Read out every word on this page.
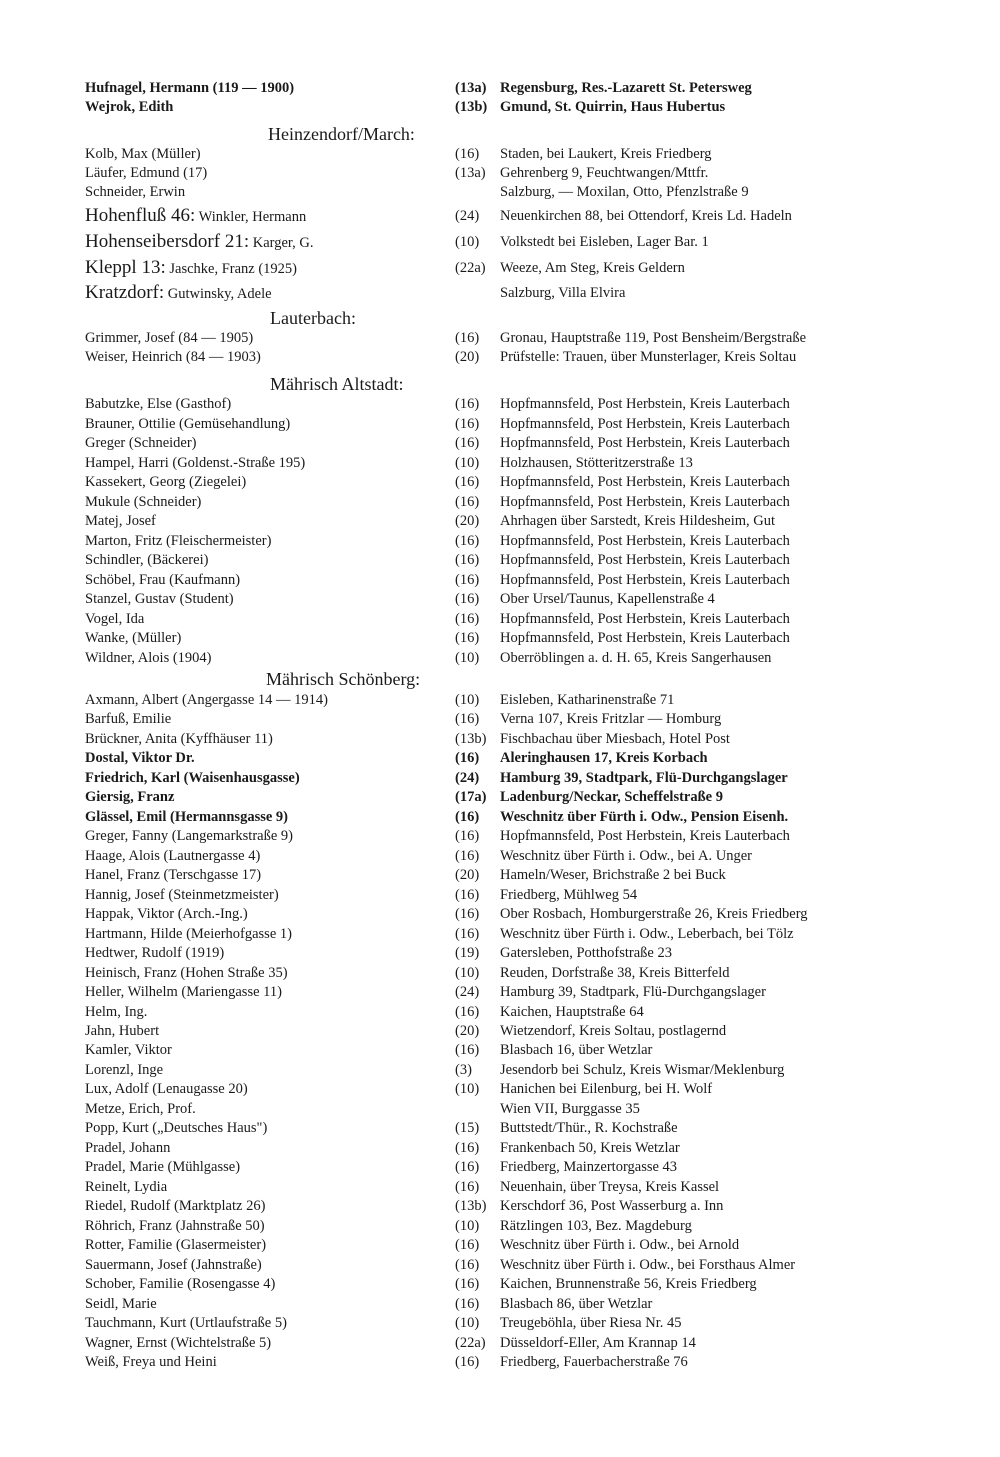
Hufnagel, Hermann (119 — 1900)	(13a) Regensburg, Res.-Lazarett St. Petersweg
Wejrok, Edith	(13b) Gmund, St. Quirrin, Haus Hubertus
Heinzendorf/March:
Kolb, Max (Müller)	(16)	Staden, bei Laukert, Kreis Friedberg
Läufer, Edmund (17)	(13a) Gehrenberg 9, Feuchtwangen/Mttfr.
Schneider, Erwin	Salzburg, — Moxilan, Otto, Pfenzlstraße 9
Hohenfluß 46: Winkler, Hermann	(24)	Neuenkirchen 88, bei Ottendorf, Kreis Ld. Hadeln
Hohenseibersdorf 21: Karger, G.	(10)	Volkstedt bei Eisleben, Lager Bar. 1
Kleppl 13: Jaschke, Franz (1925)	(22a) Weeze, Am Steg, Kreis Geldern
Kratzdorf: Gutwinsky, Adele	Salzburg, Villa Elvira
Lauterbach:
Grimmer, Josef (84 — 1905)	(16)	Gronau, Hauptstraße 119, Post Bensheim/Bergstraße
Weiser, Heinrich (84 — 1903)	(20)	Prüfstelle: Trauen, über Munsterlager, Kreis Soltau
Mährisch Altstadt:
Babutzke, Else (Gasthof)	(16)	Hopfmannsfeld, Post Herbstein, Kreis Lauterbach
Brauner, Ottilie (Gemüsehandlung)	(16)	Hopfmannsfeld, Post Herbstein, Kreis Lauterbach
Greger (Schneider)	(16)	Hopfmannsfeld, Post Herbstein, Kreis Lauterbach
Hampel, Harri (Goldenst.-Straße 195)	(10)	Holzhausen, Stötteritzerstraße 13
Kassekert, Georg (Ziegelei)	(16)	Hopfmannsfeld, Post Herbstein, Kreis Lauterbach
Mukule (Schneider)	(16)	Hopfmannsfeld, Post Herbstein, Kreis Lauterbach
Matej, Josef	(20)	Ahrhagen über Sarstedt, Kreis Hildesheim, Gut
Marton, Fritz (Fleischermeister)	(16)	Hopfmannsfeld, Post Herbstein, Kreis Lauterbach
Schindler, (Bäckerei)	(16)	Hopfmannsfeld, Post Herbstein, Kreis Lauterbach
Schöbel, Frau (Kaufmann)	(16)	Hopfmannsfeld, Post Herbstein, Kreis Lauterbach
Stanzel, Gustav (Student)	(16)	Ober Ursel/Taunus, Kapellenstraße 4
Vogel, Ida	(16)	Hopfmannsfeld, Post Herbstein, Kreis Lauterbach
Wanke, (Müller)	(16)	Hopfmannsfeld, Post Herbstein, Kreis Lauterbach
Wildner, Alois (1904)	(10)	Oberröblingen a. d. H. 65, Kreis Sangerhausen
Mährisch Schönberg:
Axmann, Albert (Angergasse 14 — 1914)	(10)	Eisleben, Katharinenstraße 71
Barfuß, Emilie	(16)	Verna 107, Kreis Fritzlar — Homburg
Brückner, Anita (Kyffhäuser 11)	(13b) Fischbachau über Miesbach, Hotel Post
Dostal, Viktor Dr.	(16)	Aleringhausen 17, Kreis Korbach
Friedrich, Karl (Waisenhausgasse)	(24)	Hamburg 39, Stadtpark, Flü-Durchgangslager
Giersig, Franz	(17a) Ladenburg/Neckar, Scheffelstraße 9
Glässel, Emil (Hermannsgasse 9)	(16)	Weschnitz über Fürth i. Odw., Pension Eisenh.
Greger, Fanny (Langemarkstraße 9)	(16)	Hopfmannsfeld, Post Herbstein, Kreis Lauterbach
Haage, Alois (Lautnergasse 4)	(16)	Weschnitz über Fürth i. Odw., bei A. Unger
Hanel, Franz (Terschgasse 17)	(20)	Hameln/Weser, Brichstraße 2 bei Buck
Hannig, Josef (Steinmetzmeister)	(16)	Friedberg, Mühlweg 54
Happak, Viktor (Arch.-Ing.)	(16)	Ober Rosbach, Homburgerstraße 26, Kreis Friedberg
Hartmann, Hilde (Meierhofgasse 1)	(16)	Weschnitz über Fürth i. Odw., Leberbach, bei Tölz
Hedtwer, Rudolf (1919)	(19)	Gatersleben, Potthofstraße 23
Heinisch, Franz (Hohen Straße 35)	(10)	Reuden, Dorfstraße 38, Kreis Bitterfeld
Heller, Wilhelm (Mariengasse 11)	(24)	Hamburg 39, Stadtpark, Flü-Durchgangslager
Helm, Ing.	(16)	Kaichen, Hauptstraße 64
Jahn, Hubert	(20)	Wietzendorf, Kreis Soltau, postlagernd
Kamler, Viktor	(16)	Blasbach 16, über Wetzlar
Lorenzl, Inge	(3)	Jesendorb bei Schulz, Kreis Wismar/Meklenburg
Lux, Adolf (Lenaugasse 20)	(10)	Hanichen bei Eilenburg, bei H. Wolf
Metze, Erich, Prof.	Wien VII, Burggasse 35
Popp, Kurt („Deutsches Haus")	(15)	Buttstedt/Thür., R. Kochstraße
Pradel, Johann	(16)	Frankenbach 50, Kreis Wetzlar
Pradel, Marie (Mühlgasse)	(16)	Friedberg, Mainzertorgasse 43
Reinelt, Lydia	(16)	Neuenhain, über Treysa, Kreis Kassel
Riedel, Rudolf (Marktplatz 26)	(13b) Kerschdorf 36, Post Wasserburg a. Inn
Röhrich, Franz (Jahnstraße 50)	(10)	Rätzlingen 103, Bez. Magdeburg
Rotter, Familie (Glasermeister)	(16)	Weschnitz über Fürth i. Odw., bei Arnold
Sauermann, Josef (Jahnstraße)	(16)	Weschnitz über Fürth i. Odw., bei Forsthaus Almer
Schober, Familie (Rosengasse 4)	(16)	Kaichen, Brunnenstraße 56, Kreis Friedberg
Seidl, Marie	(16)	Blasbach 86, über Wetzlar
Tauchmann, Kurt (Urtlaufstraße 5)	(10)	Treugeböhla, über Riesa Nr. 45
Wagner, Ernst (Wichtelstraße 5)	(22a) Düsseldorf-Eller, Am Krannap 14
Weiß, Freya und Heini	(16)	Friedberg, Fauerbacherstraße 76
